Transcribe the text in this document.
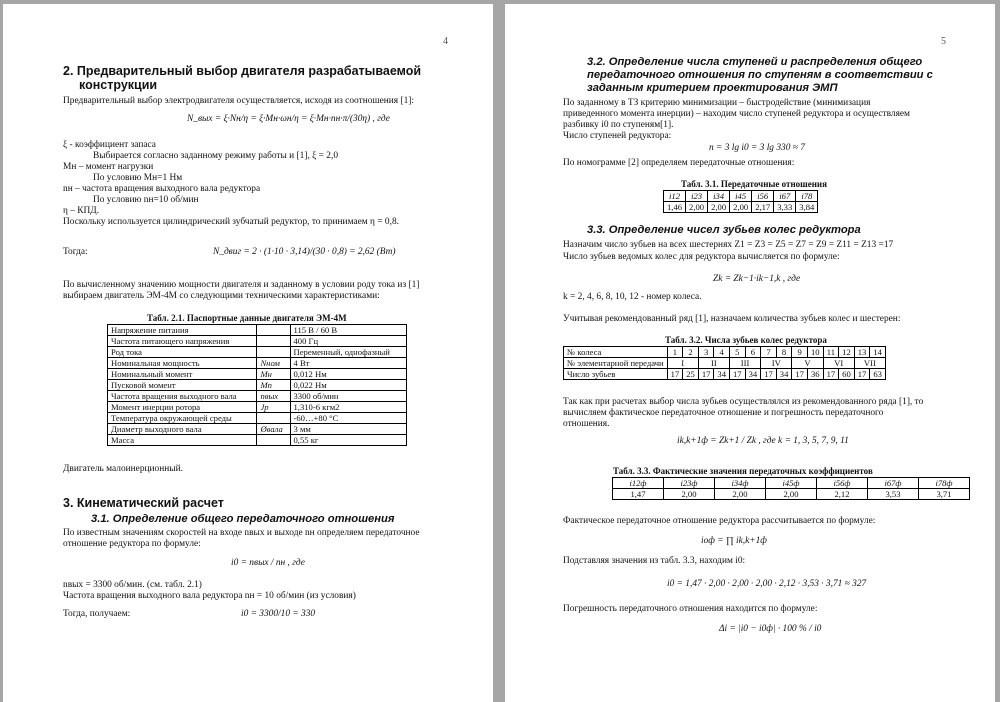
4
2. Предварительный выбор двигателя разрабатываемой
конструкции
Предварительный выбор электродвигателя осуществляется, исходя из соотношения [1]:
N_выx = ξ·Nн/η = ξ·Mн·ωн/η = ξ·Mн·nн·π/(30η) , где
ξ - коэффициент запаса
Выбирается согласно заданному режиму работы и [1], ξ = 2,0
Mн – момент нагрузки
По условию Mн=1 Нм
nн – частота вращения выходного вала редуктора
По условию nн=10 об/мин
η – КПД.
Поскольку используется цилиндрический зубчатый редуктор, то принимаем η = 0,8.
Тогда:	N_двиг = 2 · (1·10 · 3,14)/(30 · 0,8) = 2,62 (Вт)
По вычисленному значению мощности двигателя и заданному в условии роду тока из [1]
выбираем двигатель ЭМ-4М со следующими техническими характеристиками:
Табл. 2.1. Паспортные данные двигателя ЭМ-4М
Напряжение питания		115 В / 60 В
Частота питающего напряжения		400 Гц
Род тока		Переменный, однофазный
Номинальная мощность	Nном	4 Вт
Номинальный момент	Mн	0,012 Нм
Пусковой момент	Mп	0,022 Нм
Частота вращения выходного вала	nвых	3300 об/мин
Момент инерции ротора	Jр	1,310-6 кгм2
Температура окружающей среды		-60…+80 °С
Диаметр выходного вала	Øвала	3 мм
Масса		0,55 кг
Двигатель малоинерционный.
3. Кинематический расчет
3.1. Определение общего передаточного отношения
По известным значениям скоростей на входе nвых и выходе nн определяем передаточное
отношение редуктора по формуле:
i0 = nвых / nн , где
nвых = 3300 об/мин. (см. табл. 2.1)
Частота вращения выходного вала редуктора nн = 10 об/мин (из условия)
Тогда, получаем:	i0 = 3300/10 = 330
5
3.2. Определение числа ступеней и распределения общего
передаточного отношения по ступеням в соответствии с
заданным критерием проектирования ЭМП
По заданному в ТЗ критерию минимизации – быстродействие (минимизация
приведенного момента инерции) – находим число ступеней редуктора и осуществляем
разбивку i0 по ступеням[1].
Число ступеней редуктора:
n = 3 lg i0 = 3 lg 330 ≈ 7
По номограмме [2] определяем передаточные отношения:
Табл. 3.1. Передаточные отношения
i12	i23	i34	i45	i56	i67	i78
1,46	2,00	2,00	2,00	2,17	3,33	3,84
3.3. Определение чисел зубьев колес редуктора
Назначим число зубьев на всех шестернях Z1 = Z3 = Z5 = Z7 = Z9 = Z11 = Z13 =17
Число зубьев ведомых колес для редуктора вычисляется по формуле:
Zk = Zk−1·ik−1,k , где
k = 2, 4, 6, 8, 10, 12 - номер колеса.
Учитывая рекомендованный ряд [1], назначаем количества зубьев колес и шестерен:
Табл. 3.2. Числа зубьев колес редуктора
№ колеса	1	2	3	4	5	6	7	8	9	10	11	12	13	14
№ элементарной передачи	I		II		III		IV		V		VI		VII	
Число зубьев	17	25	17	34	17	34	17	34	17	36	17	60	17	63
Так как при расчетах выбор числа зубьев осуществлялся из рекомендованного ряда [1], то
вычисляем фактическое передаточное отношение и погрешность передаточного
отношения.
ik,k+1ф = Zk+1 / Zk , где k = 1, 3, 5, 7, 9, 11
Табл. 3.3. Фактические значения передаточных коэффициентов
i12ф	i23ф	i34ф	i45ф	i56ф	i67ф	i78ф
1,47	2,00	2,00	2,00	2,12	3,53	3,71
Фактическое передаточное отношение редуктора рассчитывается по формуле:
iоф = ∏ ik,k+1ф
Подставляя значения из табл. 3.3, находим i0:
i0 = 1,47 · 2,00 · 2,00 · 2,00 · 2,12 · 3,53 · 3,71 ≈ 327
Погрешность передаточного отношения находится по формуле:
Δi = |i0 − i0ф| · 100 % / i0
